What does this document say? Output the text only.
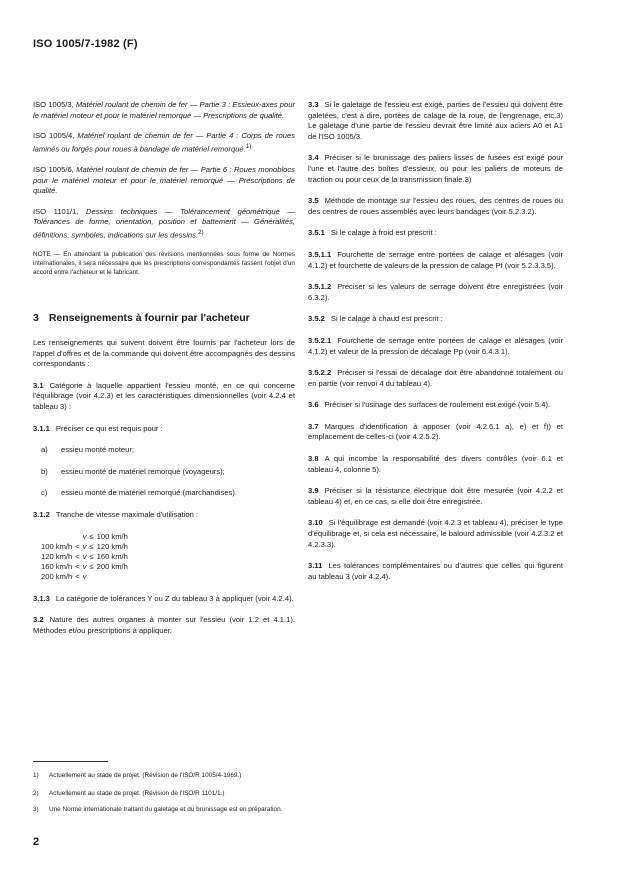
ISO 1005/7-1982 (F)

ISO 1005/3, Matériel roulant de chemin de fer — Partie 3 : Essieux-axes pour le matériel moteur et pour le matériel remorqué — Prescriptions de qualité.

ISO 1005/4, Matériel roulant de chemin de fer — Partie 4 : Corps de roues laminés ou forgés pour roues à bandage de matériel remorqué.$^{1)}$

ISO 1005/6, Matériel roulant de chemin de fer — Partie 6 : Roues monoblocs pour le matériel moteur et pour le matériel remorqué — Prescriptions de qualité.

ISO 1101/1, Dessins techniques — Tolérancement géométrique — Tolérances de forme, orientation, position et battement — Généralités, définitions, symboles, indications sur les dessins.$^{2)}$

NOTE — En attendant la publication des révisions mentionnées sous forme de Normes internationales, il sera nécessaire que les prescriptions correspondantes fassent l'objet d'un accord entre l'acheteur et le fabricant.

3 Renseignements à fournir par l'acheteur

Les renseignements qui suivent doivent être fournis par l'acheteur lors de l'appel d'offres et de la commande qui doivent être accompagnés des dessins correspondants :

3.1 Catégorie à laquelle appartient l'essieu monté, en ce qui concerne l'équilibrage (voir 4.2.3) et les caractéristiques dimensionnelles (voir 4.2.4 et tableau 3) :

3.1.1 Préciser ce qui est requis pour :

a) essieu monté moteur;

b) essieu monté de matériel remorqué (voyageurs);

c) essieu monté de matériel remorqué (marchandises).

3.1.2 Tranche de vitesse maximale d'utilisation :

		v	≤	100 km/h
100 km/h	<	v	≤	120 km/h
120 km/h	<	v	≤	160 km/h
160 km/h	<	v	≤	200 km/h
200 km/h	<	v		

3.1.3 La catégorie de tolérances Y ou Z du tableau 3 à appliquer (voir 4.2.4).

3.2 Nature des autres organes à monter sur l'essieu (voir 1.2 et 4.1.1). Méthodes et/ou prescriptions à appliquer.

3.3 Si le galetage de l'essieu est exigé, parties de l'essieu qui doivent être galetées, c'est à dire, portées de calage de la roue, de l'engrenage, etc.3) Le galetage d'une partie de l'essieu devrait être limité aux aciers A0 et A1 de l'ISO 1005/3.

3.4 Préciser si le brunissage des paliers lisses de fusées est exigé pour l'une et l'autre des boîtes d'essieux, ou pour les paliers de moteurs de traction ou pour ceux de la transmission finale.3)

3.5 Méthode de montage sur l'essieu des roues, des centres de roues ou des centres de roues assemblés avec leurs bandages (voir 5.2.3.2).

3.5.1 Si le calage à froid est prescrit :

3.5.1.1 Fourchette de serrage entre portées de calage et alésages (voir 4.1.2) et fourchette de valeurs de la pression de calage Pf (voir 5.2.3.3.5).

3.5.1.2 Préciser si les valeurs de serrage doivent être enregistrées (voir 6.3.2).

3.5.2 Si le calage à chaud est prescrit :

3.5.2.1 Fourchette de serrage entre portées de calage et alésages (voir 4.1.2) et valeur de la pression de décalage Pp (voir 6.4.3.1).

3.5.2.2 Préciser si l'essai de décalage doit être abandonné totalement ou en partie (voir renvoi 4 du tableau 4).

3.6 Préciser si l'usinage des surfaces de roulement est exigé (voir 5.4).

3.7 Marques d'identification à apposer (voir 4.2.6.1 a), e) et f)) et emplacement de celles-ci (voir 4.2.5.2).

3.8 A qui incombe la responsabilité des divers contrôles (voir 6.1 et tableau 4, colonne 5).

3.9 Préciser si la résistance électrique doit être mesurée (voir 4.2.2 et tableau 4) et, en ce cas, si elle doit être enregistrée.

3.10 Si l'équilibrage est demandé (voir 4.2.3 et tableau 4), préciser le type d'équilibrage et, si cela est nécessaire, le balourd admissible (voir 4.2.3.2 et 4.2.3.3).

3.11 Les tolérances complémentaires ou d'autres que celles qui figurent au tableau 3 (voir 4.2.4).

1) Actuellement au stade de projet. (Révision de l'ISO/R 1005/4-1969.)

2) Actuellement au stade de projet. (Révision de l'ISO/R 1101/1.)

3) Une Norme internationale traitant du galetage et du brunissage est en préparation.

2
